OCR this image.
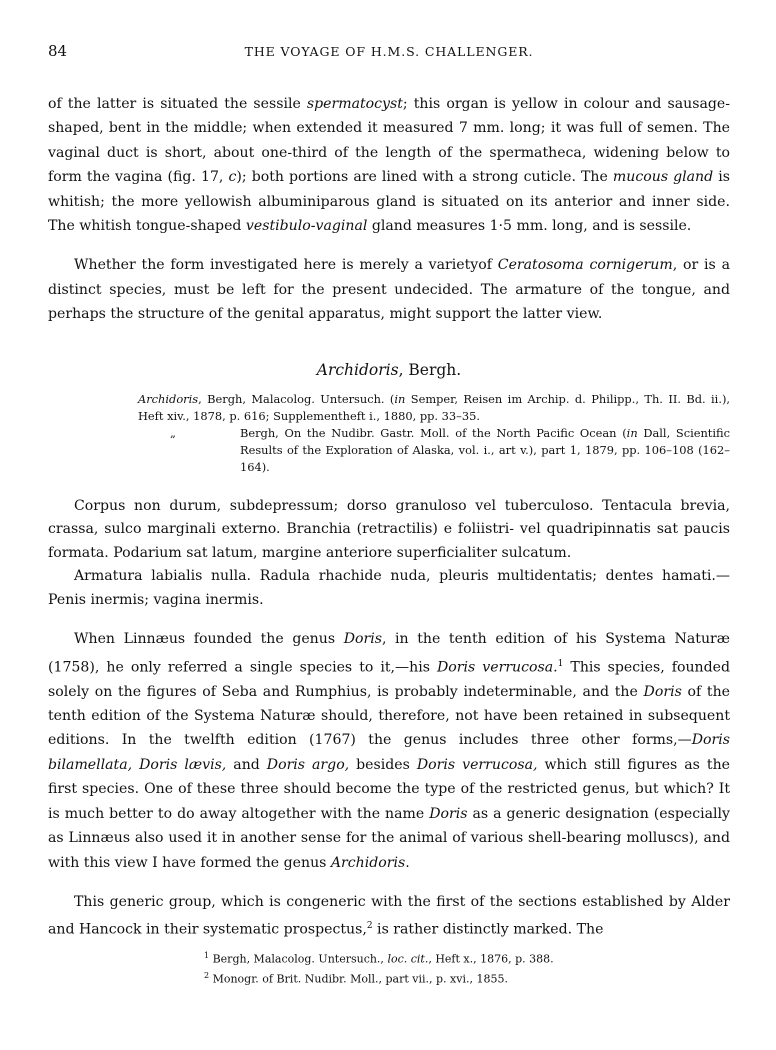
84	THE VOYAGE OF H.M.S. CHALLENGER.

of the latter is situated the sessile spermatocyst; this organ is yellow in colour and sausage-shaped, bent in the middle; when extended it measured 7 mm. long; it was full of semen. The vaginal duct is short, about one-third of the length of the spermatheca, widening below to form the vagina (fig. 17, c); both portions are lined with a strong cuticle. The mucous gland is whitish; the more yellowish albuminiparous gland is situated on its anterior and inner side. The whitish tongue-shaped vestibulo-vaginal gland measures 1·5 mm. long, and is sessile.

Whether the form investigated here is merely a varietyof Ceratosoma cornigerum, or is a distinct species, must be left for the present undecided. The armature of the tongue, and perhaps the structure of the genital apparatus, might support the latter view.

Archidoris, Bergh.

Archidoris, Bergh, Malacolog. Untersuch. (in Semper, Reisen im Archip. d. Philipp., Th. II. Bd. ii.), Heft xiv., 1878, p. 616; Supplementheft i., 1880, pp. 33–35.

„	Bergh, On the Nudibr. Gastr. Moll. of the North Pacific Ocean (in Dall, Scientific Results of the Exploration of Alaska, vol. i., art v.), part 1, 1879, pp. 106–108 (162–164).

Corpus non durum, subdepressum; dorso granuloso vel tuberculoso. Tentacula brevia, crassa, sulco marginali externo. Branchia (retractilis) e foliistri- vel quadripinnatis sat paucis formata. Podarium sat latum, margine anteriore superficialiter sulcatum.

Armatura labialis nulla. Radula rhachide nuda, pleuris multidentatis; dentes hamati.—Penis inermis; vagina inermis.

When Linnæus founded the genus Doris, in the tenth edition of his Systema Naturæ (1758), he only referred a single species to it,—his Doris verrucosa.$^1$ This species, founded solely on the figures of Seba and Rumphius, is probably indeterminable, and the Doris of the tenth edition of the Systema Naturæ should, therefore, not have been retained in subsequent editions. In the twelfth edition (1767) the genus includes three other forms,—Doris bilamellata, Doris lævis, and Doris argo, besides Doris verrucosa, which still figures as the first species. One of these three should become the type of the restricted genus, but which? It is much better to do away altogether with the name Doris as a generic designation (especially as Linnæus also used it in another sense for the animal of various shell-bearing molluscs), and with this view I have formed the genus Archidoris.

This generic group, which is congeneric with the first of the sections established by Alder and Hancock in their systematic prospectus,$^2$ is rather distinctly marked. The

$^1$ Bergh, Malacolog. Untersuch., loc. cit., Heft x., 1876, p. 388.
$^2$ Monogr. of Brit. Nudibr. Moll., part vii., p. xvi., 1855.
